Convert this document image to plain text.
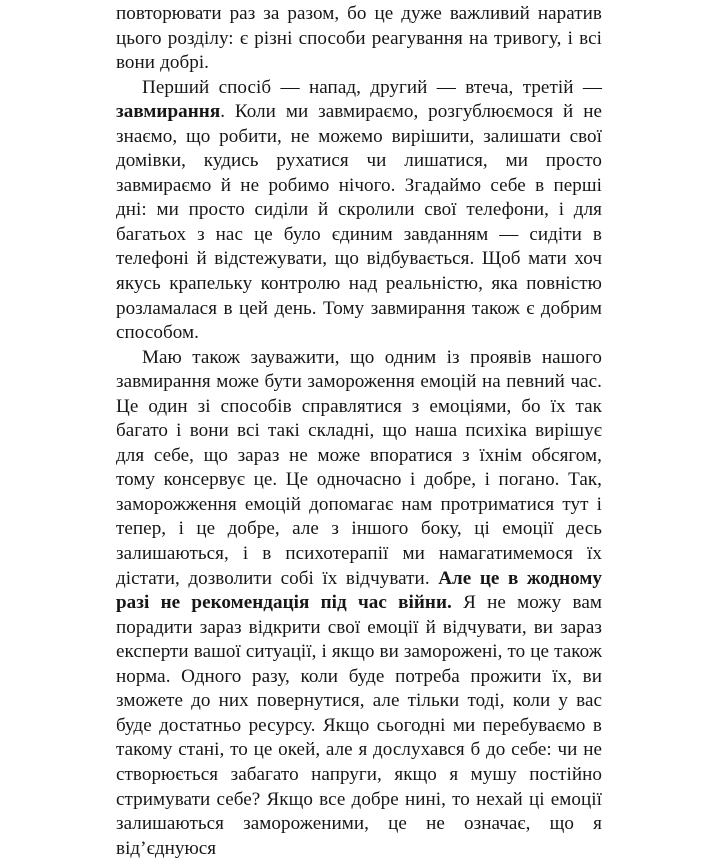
повторювати раз за разом, бо це дуже важливий наратив цього розділу: є різні способи реагування на тривогу, і всі вони добрі.

Перший спосіб — напад, другий — втеча, третій — завмирання. Коли ми завмираємо, розгублюємося й не знаємо, що робити, не можемо вирішити, залишати свої домівки, кудись рухатися чи лишатися, ми просто завмираємо й не робимо нічого. Згадаймо себе в перші дні: ми просто сиділи й скролили свої телефони, і для багатьох з нас це було єдиним завданням — сидіти в телефоні й відстежувати, що відбувається. Щоб мати хоч якусь крапельку контролю над реальністю, яка повністю розламалася в цей день. Тому завмирання також є добрим способом.

Маю також зауважити, що одним із проявів нашого завмирання може бути замороження емоцій на певний час. Це один зі способів справлятися з емоціями, бо їх так багато і вони всі такі складні, що наша психіка вирішує для себе, що зараз не може впоратися з їхнім обсягом, тому консервує це. Це одночасно і добре, і погано. Так, заморожження емоцій допомагає нам протриматися тут і тепер, і це добре, але з іншого боку, ці емоції десь залишаються, і в психотерапії ми намагатимемося їх дістати, дозволити собі їх відчувати. Але це в жодному разі не рекомендація під час війни. Я не можу вам порадити зараз відкрити свої емоції й відчувати, ви зараз експерти вашої ситуації, і якщо ви заморожені, то це також норма. Одного разу, коли буде потреба прожити їх, ви зможете до них повернутися, але тільки тоді, коли у вас буде достатньо ресурсу. Якщо сьогодні ми перебуваємо в такому стані, то це окей, але я дослухався б до себе: чи не створюється забагато напруги, якщо я мушу постійно стримувати себе? Якщо все добре нині, то нехай ці емоції залишаються замороженими, це не означає, що я від’єднуюся
